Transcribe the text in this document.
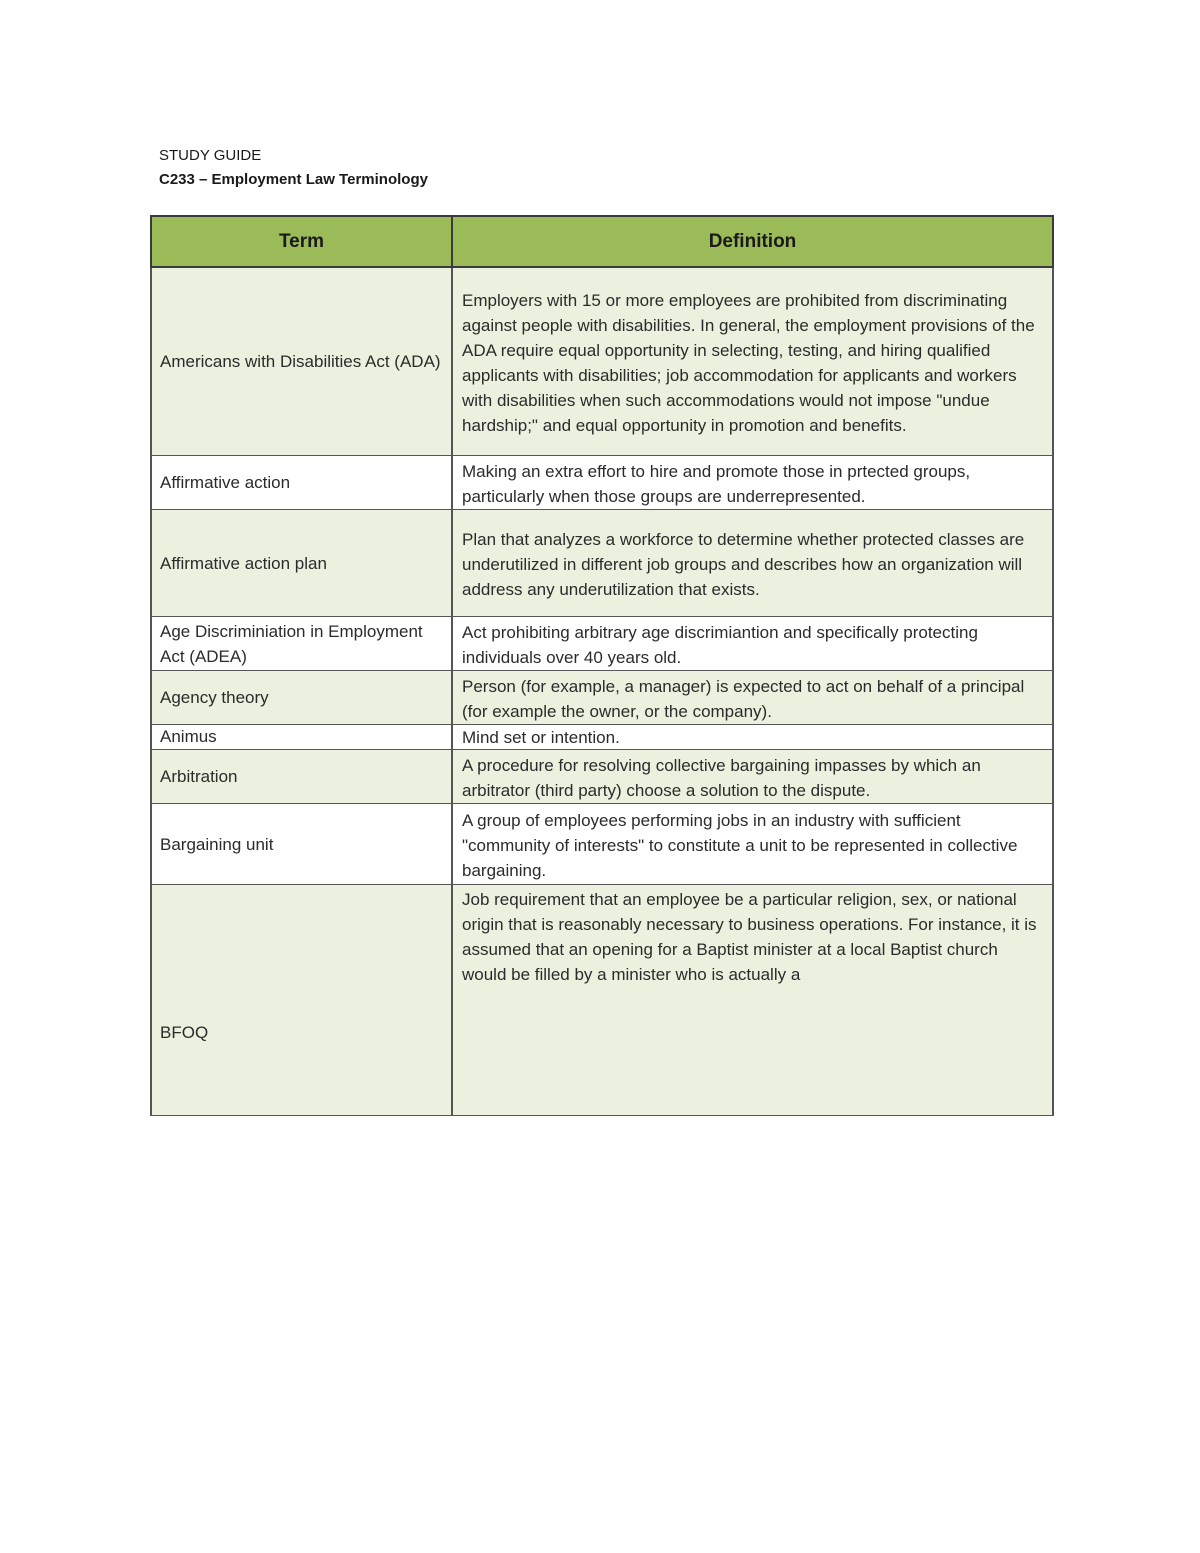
STUDY GUIDE
C233 – Employment Law Terminology
Term	Definition
Americans with Disabilities Act (ADA)	Employers with 15 or more employees are prohibited from discriminating against people with disabilities. In general, the employment provisions of the ADA require equal opportunity in selecting, testing, and hiring qualified applicants with disabilities; job accommodation for applicants and workers with disabilities when such accommodations would not impose "undue hardship;" and equal opportunity in promotion and benefits.
Affirmative action	Making an extra effort to hire and promote those in prtected groups, particularly when those groups are underrepresented.
Affirmative action plan	Plan that analyzes a workforce to determine whether protected classes are underutilized in different job groups and describes how an organization will address any underutilization that exists.
Age Discriminiation in Employment Act (ADEA)	Act prohibiting arbitrary age discrimiantion and specifically protecting individuals over 40 years old.
Agency theory	Person (for example, a manager) is expected to act on behalf of a principal (for example the owner, or the company).
Animus	Mind set or intention.
Arbitration	A procedure for resolving collective bargaining impasses by which an arbitrator (third party) choose a solution to the dispute.
Bargaining unit	A group of employees performing jobs in an industry with sufficient "community of interests" to constitute a unit to be represented in collective bargaining.
BFOQ	Job requirement that an employee be a particular religion, sex, or national origin that is reasonably necessary to business operations. For instance, it is assumed that an opening for a Baptist minister at a local Baptist church would be filled by a minister who is actually a
